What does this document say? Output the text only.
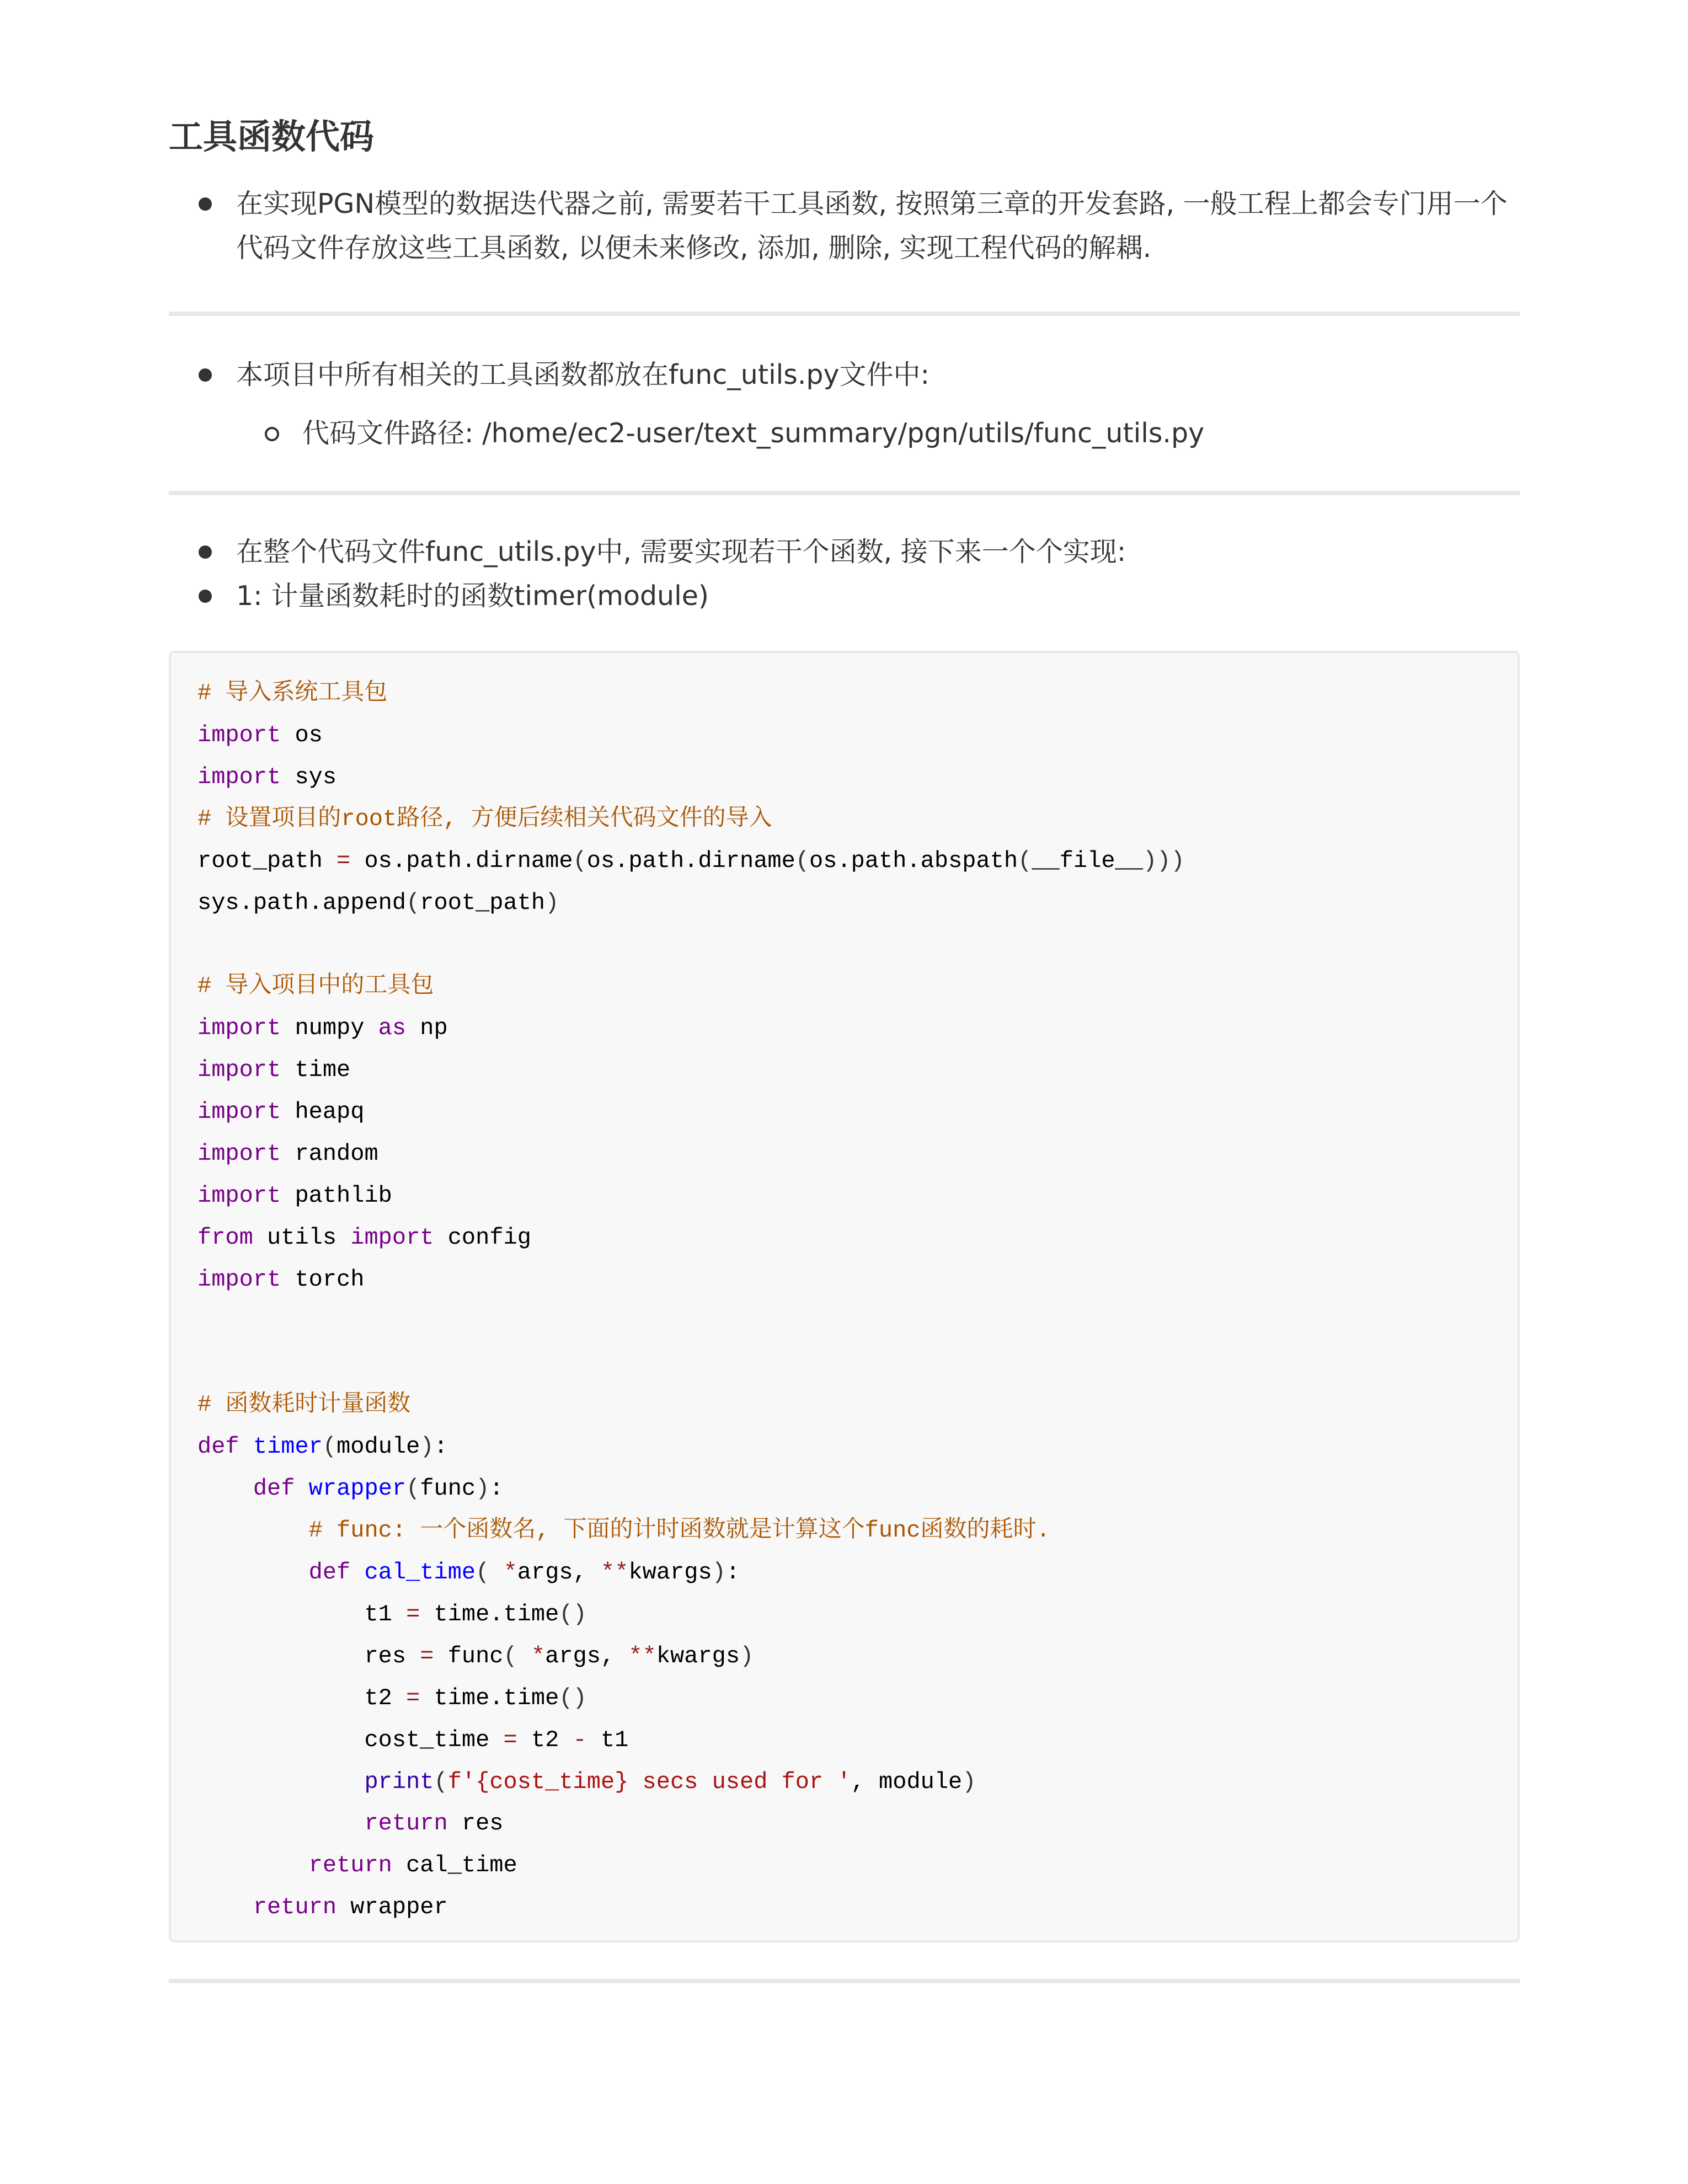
工具函数代码
在实现PGN模型的数据迭代器之前, 需要若干工具函数, 按照第三章的开发套路, 一般工程上都会专门用一个代码文件存放这些工具函数, 以便未来修改, 添加, 删除, 实现工程代码的解耦.
本项目中所有相关的工具函数都放在func_utils.py文件中:
代码文件路径: /home/ec2-user/text_summary/pgn/utils/func_utils.py
在整个代码文件func_utils.py中, 需要实现若干个函数, 接下来一个个实现:
1: 计量函数耗时的函数timer(module)
# 导入系统工具包
import os
import sys
# 设置项目的root路径, 方便后续相关代码文件的导入
root_path = os.path.dirname(os.path.dirname(os.path.abspath(__file__)))
sys.path.append(root_path)

# 导入项目中的工具包
import numpy as np
import time
import heapq
import random
import pathlib
from utils import config
import torch

# 函数耗时计量函数
def timer(module):
def wrapper(func):
# func: 一个函数名, 下面的计时函数就是计算这个func函数的耗时.
def cal_time( *args, **kwargs):
t1 = time.time()
res = func( *args, **kwargs)
t2 = time.time()
cost_time = t2 - t1
print(f'{cost_time} secs used for ', module)
return res
return cal_time
return wrapper
